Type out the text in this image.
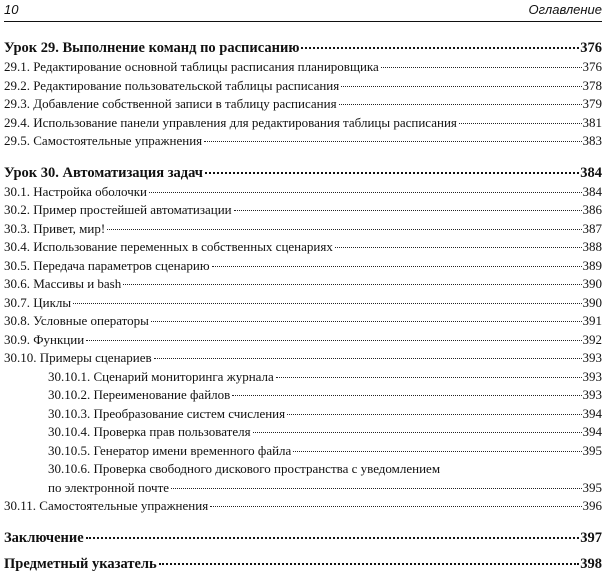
10	Оглавление
Урок 29. Выполнение команд по расписанию	376
29.1. Редактирование основной таблицы расписания планировщика	376
29.2. Редактирование пользовательской таблицы расписания	378
29.3. Добавление собственной записи в таблицу расписания	379
29.4. Использование панели управления для редактирования таблицы расписания	381
29.5. Самостоятельные упражнения	383
Урок 30. Автоматизация задач	384
30.1. Настройка оболочки	384
30.2. Пример простейшей автоматизации	386
30.3. Привет, мир!	387
30.4. Использование переменных в собственных сценариях	388
30.5. Передача параметров сценарию	389
30.6. Массивы и bash	390
30.7. Циклы	390
30.8. Условные операторы	391
30.9. Функции	392
30.10. Примеры сценариев	393
30.10.1. Сценарий мониторинга журнала	393
30.10.2. Переименование файлов	393
30.10.3. Преобразование систем счисления	394
30.10.4. Проверка прав пользователя	394
30.10.5. Генератор имени временного файла	395
30.10.6. Проверка свободного дискового пространства с уведомлением
по электронной почте	395
30.11. Самостоятельные упражнения	396
Заключение	397
Предметный указатель	398
